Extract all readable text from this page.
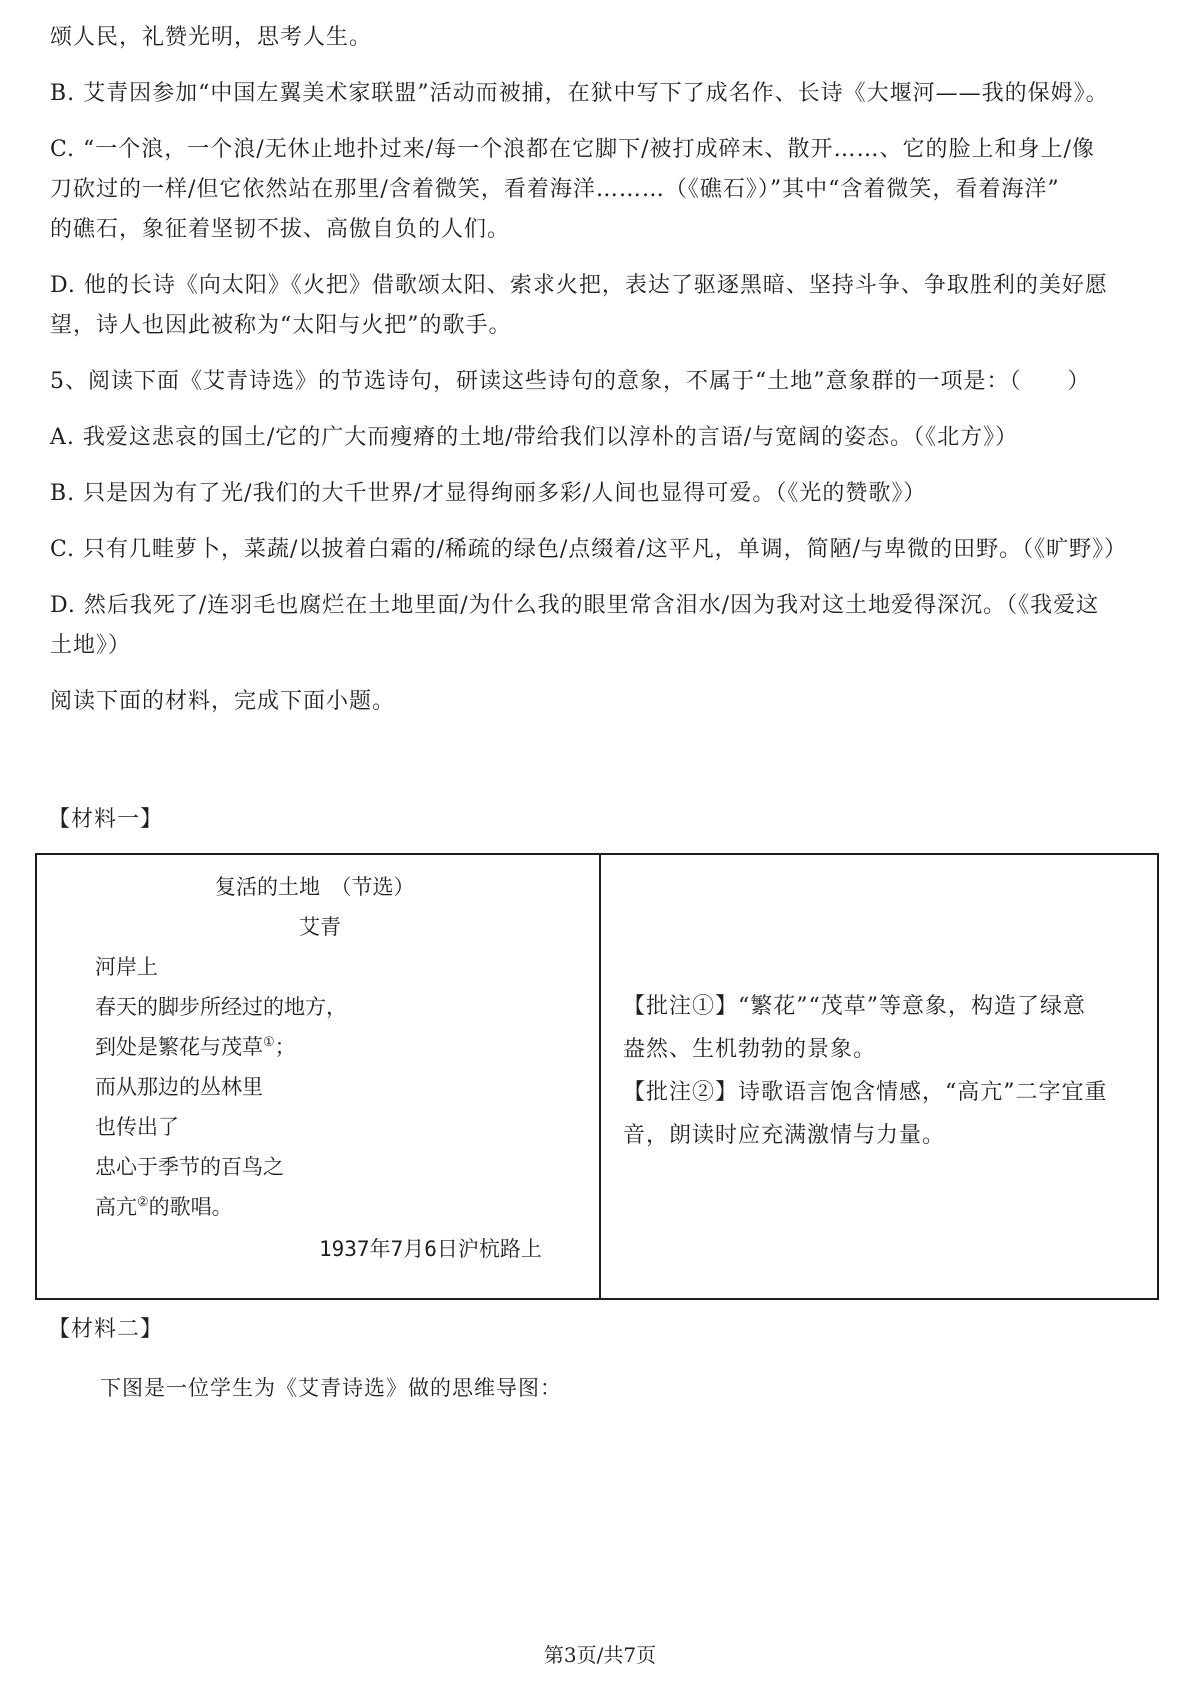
颂人民，礼赞光明，思考人生。
B. 艾青因参加“中国左翼美术家联盟”活动而被捕，在狱中写下了成名作、长诗《大堰河——我的保姆》。
C. “一个浪，一个浪/无休止地扑过来/每一个浪都在它脚下/被打成碎末、散开……、它的脸上和身上/像
刀砍过的一样/但它依然站在那里/含着微笑，看着海洋………（《礁石》）”其中“含着微笑，看着海洋”
的礁石，象征着坚韧不拔、高傲自负的人们。
D. 他的长诗《向太阳》《火把》借歌颂太阳、索求火把，表达了驱逐黑暗、坚持斗争、争取胜利的美好愿
望，诗人也因此被称为“太阳与火把”的歌手。
5、阅读下面《艾青诗选》的节选诗句，研读这些诗句的意象，不属于“土地”意象群的一项是：（　　）
A. 我爱这悲哀的国土/它的广大而瘦瘠的土地/带给我们以淳朴的言语/与宽阔的姿态。（《北方》）
B. 只是因为有了光/我们的大千世界/才显得绚丽多彩/人间也显得可爱。（《光的赞歌》）
C. 只有几畦萝卜，菜蔬/以披着白霜的/稀疏的绿色/点缀着/这平凡，单调，简陋/与卑微的田野。（《旷野》）
D. 然后我死了/连羽毛也腐烂在土地里面/为什么我的眼里常含泪水/因为我对这土地爱得深沉。（《我爱这
土地》）
阅读下面的材料，完成下面小题。
【材料一】
复活的土地　（节选）
艾青
河岸上
春天的脚步所经过的地方，
到处是繁花与茂草①；
而从那边的丛林里
也传出了
忠心于季节的百鸟之
高亢②的歌唱。
1937年7月6日沪杭路上
【批注①】“繁花”“茂草”等意象，构造了绿意
盎然、生机勃勃的景象。
【批注②】诗歌语言饱含情感，“高亢”二字宜重
音，朗读时应充满激情与力量。
【材料二】
下图是一位学生为《艾青诗选》做的思维导图：
第3页/共7页
